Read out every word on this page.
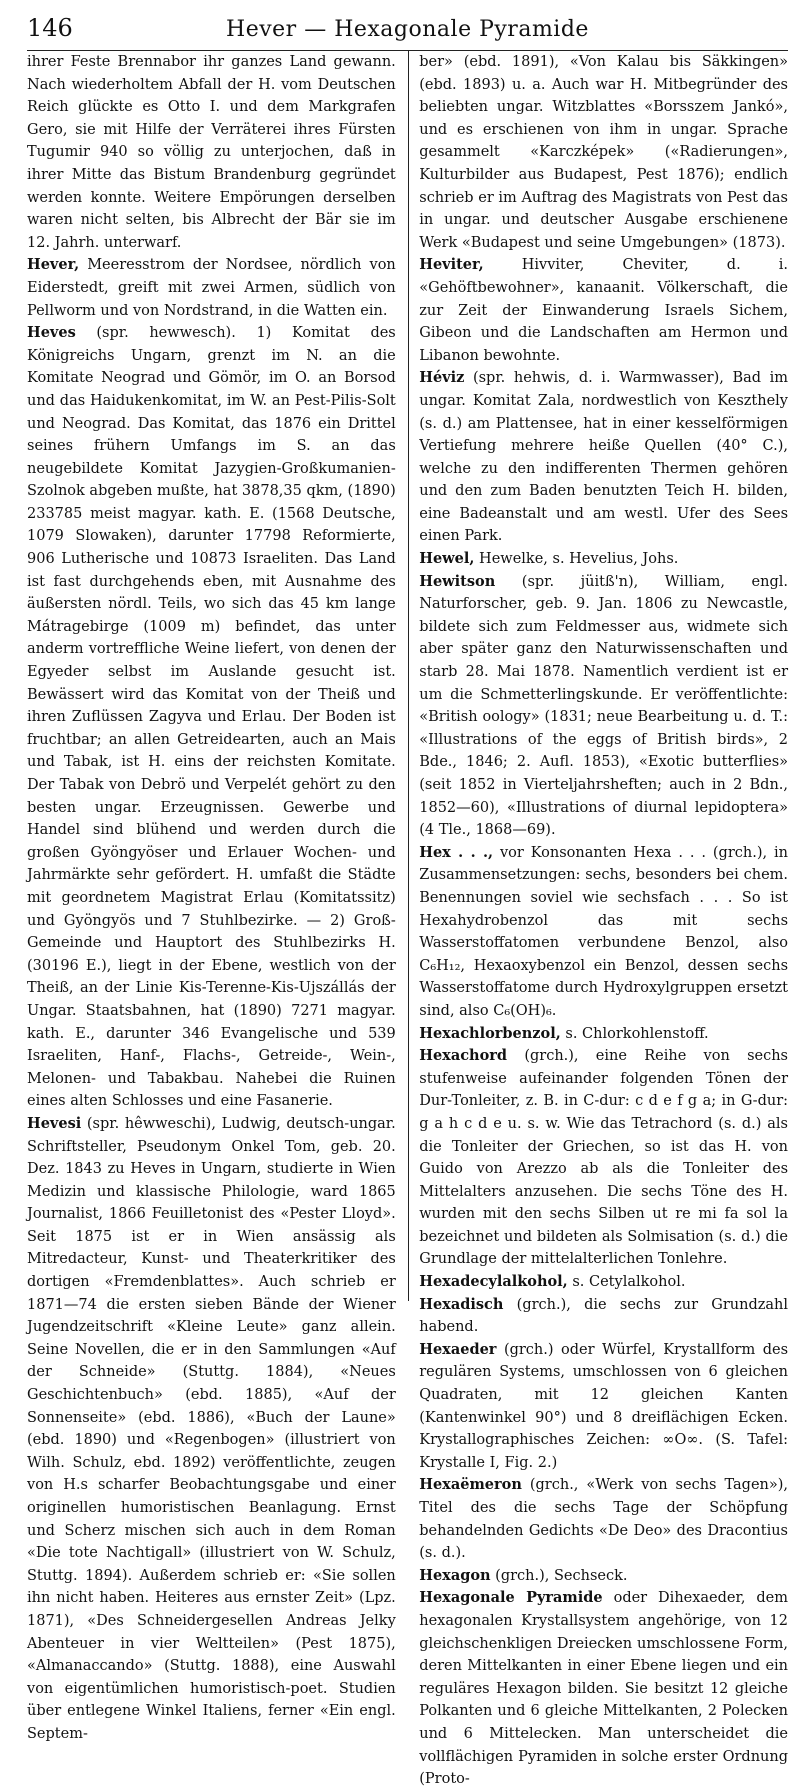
146	Hever — Hexagonale Pyramide

ihrer Feste Brennabor ihr ganzes Land gewann. Nach wiederholtem Abfall der H. vom Deutschen Reich glückte es Otto I. und dem Markgrafen Gero, sie mit Hilfe der Verräterei ihres Fürsten Tugumir 940 so völlig zu unterjochen, daß in ihrer Mitte das Bistum Brandenburg gegründet werden konnte. Weitere Empörungen derselben waren nicht selten, bis Albrecht der Bär sie im 12. Jahrh. unterwarf.

Hever, Meeresstrom der Nordsee, nördlich von Eiderstedt, greift mit zwei Armen, südlich von Pellworm und von Nordstrand, in die Watten ein.

Heves (spr. hewwesch). 1) Komitat des Königreichs Ungarn, grenzt im N. an die Komitate Neograd und Gömör, im O. an Borsod und das Haidukenkomitat, im W. an Pest-Pilis-Solt und Neograd. Das Komitat, das 1876 ein Drittel seines frühern Umfangs im S. an das neugebildete Komitat Jazygien-Großkumanien-Szolnok abgeben mußte, hat 3878,35 qkm, (1890) 233785 meist magyar. kath. E. (1568 Deutsche, 1079 Slowaken), darunter 17798 Reformierte, 906 Lutherische und 10873 Israeliten. Das Land ist fast durchgehends eben, mit Ausnahme des äußersten nördl. Teils, wo sich das 45 km lange Mátragebirge (1009 m) befindet, das unter anderm vortreffliche Weine liefert, von denen der Egyeder selbst im Auslande gesucht ist. Bewässert wird das Komitat von der Theiß und ihren Zuflüssen Zagyva und Erlau. Der Boden ist fruchtbar; an allen Getreidearten, auch an Mais und Tabak, ist H. eins der reichsten Komitate. Der Tabak von Debrö und Verpelét gehört zu den besten ungar. Erzeugnissen. Gewerbe und Handel sind blühend und werden durch die großen Gyöngyöser und Erlauer Wochen- und Jahrmärkte sehr gefördert. H. umfaßt die Städte mit geordnetem Magistrat Erlau (Komitatssitz) und Gyöngyös und 7 Stuhlbezirke. — 2) Groß-Gemeinde und Hauptort des Stuhlbezirks H. (30196 E.), liegt in der Ebene, westlich von der Theiß, an der Linie Kis-Terenne-Kis-Ujszállás der Ungar. Staatsbahnen, hat (1890) 7271 magyar. kath. E., darunter 346 Evangelische und 539 Israeliten, Hanf-, Flachs-, Getreide-, Wein-, Melonen- und Tabakbau. Nahebei die Ruinen eines alten Schlosses und eine Fasanerie.

Hevesi (spr. hêwweschi), Ludwig, deutsch-ungar. Schriftsteller, Pseudonym Onkel Tom, geb. 20. Dez. 1843 zu Heves in Ungarn, studierte in Wien Medizin und klassische Philologie, ward 1865 Journalist, 1866 Feuilletonist des «Pester Lloyd». Seit 1875 ist er in Wien ansässig als Mitredacteur, Kunst- und Theaterkritiker des dortigen «Fremdenblattes». Auch schrieb er 1871—74 die ersten sieben Bände der Wiener Jugendzeitschrift «Kleine Leute» ganz allein. Seine Novellen, die er in den Sammlungen «Auf der Schneide» (Stuttg. 1884), «Neues Geschichtenbuch» (ebd. 1885), «Auf der Sonnenseite» (ebd. 1886), «Buch der Laune» (ebd. 1890) und «Regenbogen» (illustriert von Wilh. Schulz, ebd. 1892) veröffentlichte, zeugen von H.s scharfer Beobachtungsgabe und einer originellen humoristischen Beanlagung. Ernst und Scherz mischen sich auch in dem Roman «Die tote Nachtigall» (illustriert von W. Schulz, Stuttg. 1894). Außerdem schrieb er: «Sie sollen ihn nicht haben. Heiteres aus ernster Zeit» (Lpz. 1871), «Des Schneidergesellen Andreas Jelky Abenteuer in vier Weltteilen» (Pest 1875), «Almanaccando» (Stuttg. 1888), eine Auswahl von eigentümlichen humoristisch-poet. Studien über entlegene Winkel Italiens, ferner «Ein engl. Septem-

ber» (ebd. 1891), «Von Kalau bis Säkkingen» (ebd. 1893) u. a. Auch war H. Mitbegründer des beliebten ungar. Witzblattes «Borsszem Jankó», und es erschienen von ihm in ungar. Sprache gesammelt «Karczképek» («Radierungen», Kulturbilder aus Budapest, Pest 1876); endlich schrieb er im Auftrag des Magistrats von Pest das in ungar. und deutscher Ausgabe erschienene Werk «Budapest und seine Umgebungen» (1873).

Heviter, Hivviter, Cheviter, d. i. «Gehöftbewohner», kanaanit. Völkerschaft, die zur Zeit der Einwanderung Israels Sichem, Gibeon und die Landschaften am Hermon und Libanon bewohnte.

Héviz (spr. hehwis, d. i. Warmwasser), Bad im ungar. Komitat Zala, nordwestlich von Keszthely (s. d.) am Plattensee, hat in einer kesselförmigen Vertiefung mehrere heiße Quellen (40° C.), welche zu den indifferenten Thermen gehören und den zum Baden benutzten Teich H. bilden, eine Badeanstalt und am westl. Ufer des Sees einen Park.

Hewel, Hewelke, s. Hevelius, Johs.

Hewitson (spr. jüitß'n), William, engl. Naturforscher, geb. 9. Jan. 1806 zu Newcastle, bildete sich zum Feldmesser aus, widmete sich aber später ganz den Naturwissenschaften und starb 28. Mai 1878. Namentlich verdient ist er um die Schmetterlingskunde. Er veröffentlichte: «British oology» (1831; neue Bearbeitung u. d. T.: «Illustrations of the eggs of British birds», 2 Bde., 1846; 2. Aufl. 1853), «Exotic butterflies» (seit 1852 in Vierteljahrsheften; auch in 2 Bdn., 1852—60), «Illustrations of diurnal lepidoptera» (4 Tle., 1868—69).

Hex . . ., vor Konsonanten Hexa . . . (grch.), in Zusammensetzungen: sechs, besonders bei chem. Benennungen soviel wie sechsfach . . . So ist Hexahydrobenzol das mit sechs Wasserstoffatomen verbundene Benzol, also C₆H₁₂, Hexaoxybenzol ein Benzol, dessen sechs Wasserstoffatome durch Hydroxylgruppen ersetzt sind, also C₆(OH)₆.

Hexachlorbenzol, s. Chlorkohlenstoff.

Hexachord (grch.), eine Reihe von sechs stufenweise aufeinander folgenden Tönen der Dur-Tonleiter, z. B. in C-dur: c d e f g a; in G-dur: g a h c d e u. s. w. Wie das Tetrachord (s. d.) als die Tonleiter der Griechen, so ist das H. von Guido von Arezzo ab als die Tonleiter des Mittelalters anzusehen. Die sechs Töne des H. wurden mit den sechs Silben ut re mi fa sol la bezeichnet und bildeten als Solmisation (s. d.) die Grundlage der mittelalterlichen Tonlehre.

Hexadecylalkohol, s. Cetylalkohol.

Hexadisch (grch.), die sechs zur Grundzahl habend.

Hexaeder (grch.) oder Würfel, Krystallform des regulären Systems, umschlossen von 6 gleichen Quadraten, mit 12 gleichen Kanten (Kantenwinkel 90°) und 8 dreiflächigen Ecken. Krystallographisches Zeichen: ∞O∞. (S. Tafel: Krystalle I, Fig. 2.)

Hexaëmeron (grch., «Werk von sechs Tagen»), Titel des die sechs Tage der Schöpfung behandelnden Gedichts «De Deo» des Dracontius (s. d.).

Hexagon (grch.), Sechseck.

Hexagonale Pyramide oder Dihexaeder, dem hexagonalen Krystallsystem angehörige, von 12 gleichschenkligen Dreiecken umschlossene Form, deren Mittelkanten in einer Ebene liegen und ein reguläres Hexagon bilden. Sie besitzt 12 gleiche Polkanten und 6 gleiche Mittelkanten, 2 Polecken und 6 Mittelecken. Man unterscheidet die vollflächigen Pyramiden in solche erster Ordnung (Proto-
